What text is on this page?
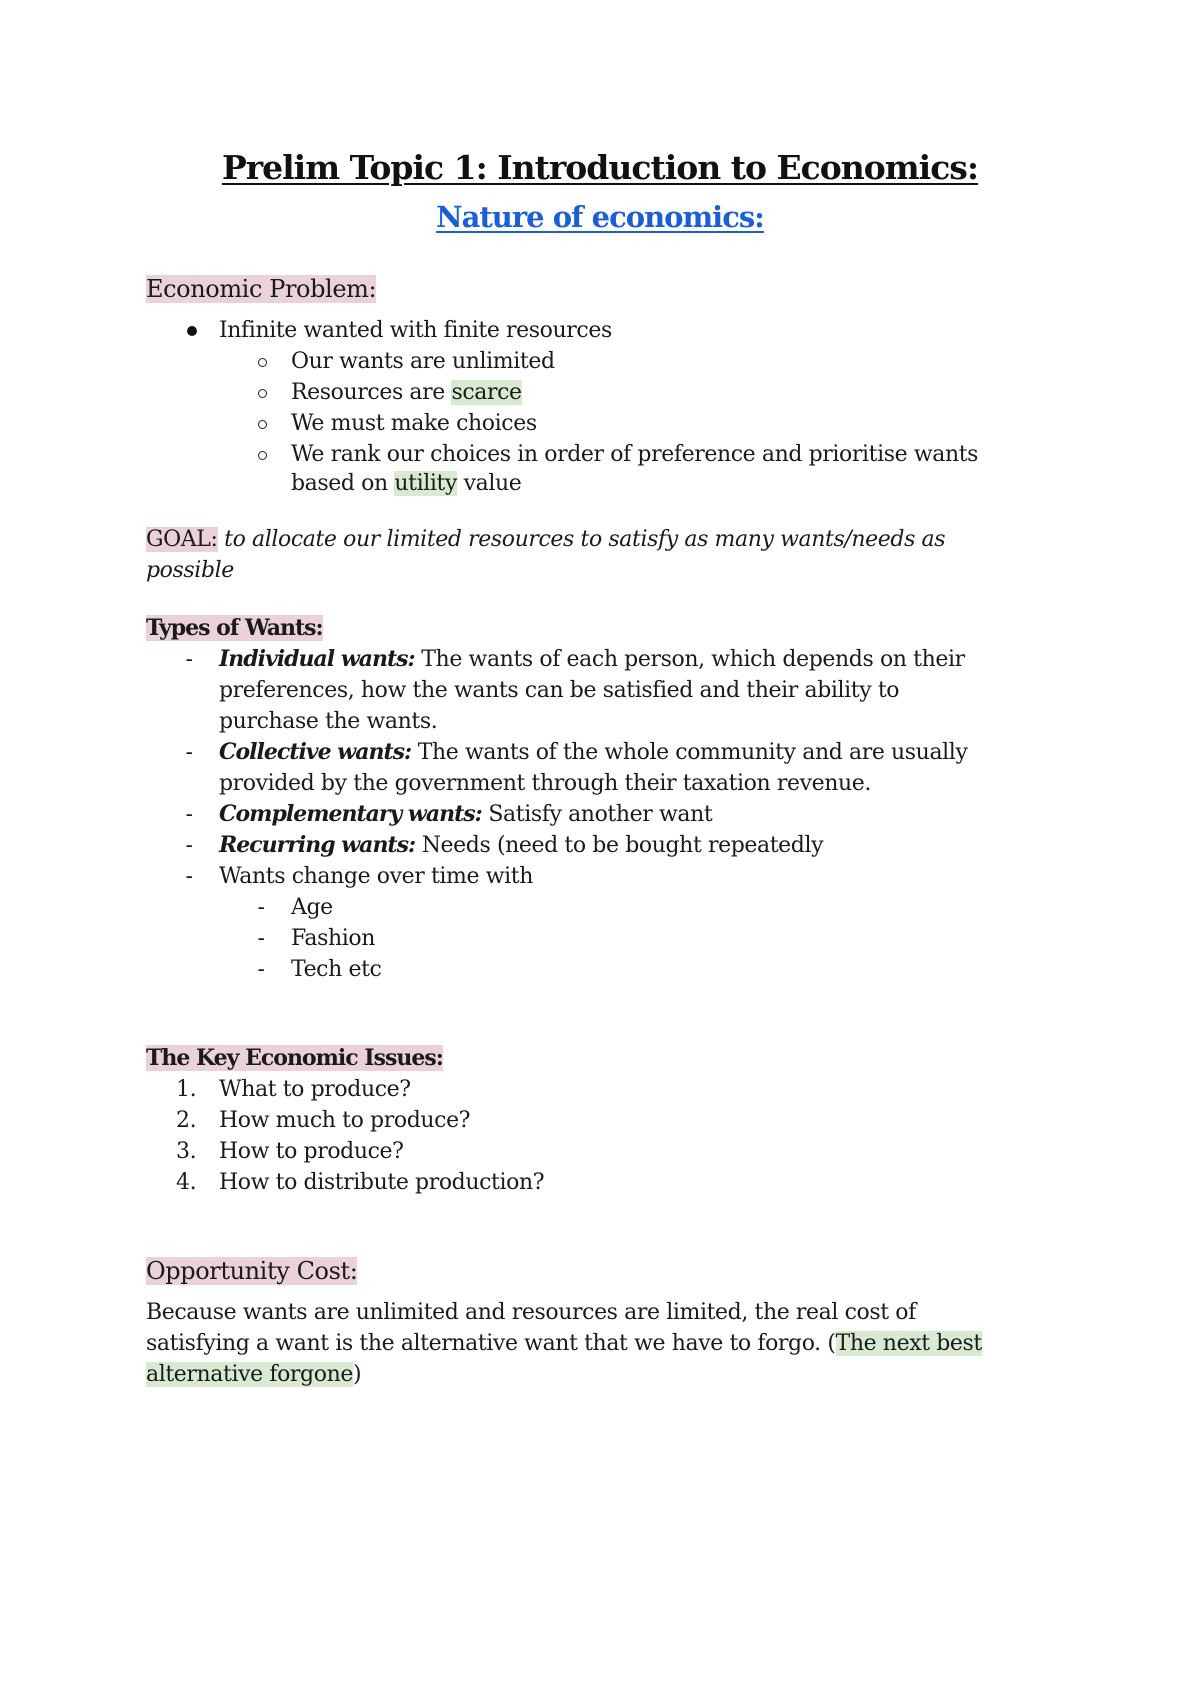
Prelim Topic 1: Introduction to Economics:
Nature of economics:

Economic Problem:

Infinite wanted with finite resources

Our wants are unlimited

Resources are scarce

We must make choices

We rank our choices in order of preference and prioritise wants

based on utility value

GOAL: to allocate our limited resources to satisfy as many wants/needs as

possible

Types of Wants:

- Individual wants: The wants of each person, which depends on their

preferences, how the wants can be satisfied and their ability to

purchase the wants.

- Collective wants: The wants of the whole community and are usually

provided by the government through their taxation revenue.

- Complementary wants: Satisfy another want

- Recurring wants: Needs (need to be bought repeatedly

- Wants change over time with

- Age

- Fashion

- Tech etc

The Key Economic Issues:

1.	What to produce?

2.	How much to produce?

3.	How to produce?

4.	How to distribute production?

Opportunity Cost:

Because wants are unlimited and resources are limited, the real cost of

satisfying a want is the alternative want that we have to forgo. (The next best

alternative forgone)
